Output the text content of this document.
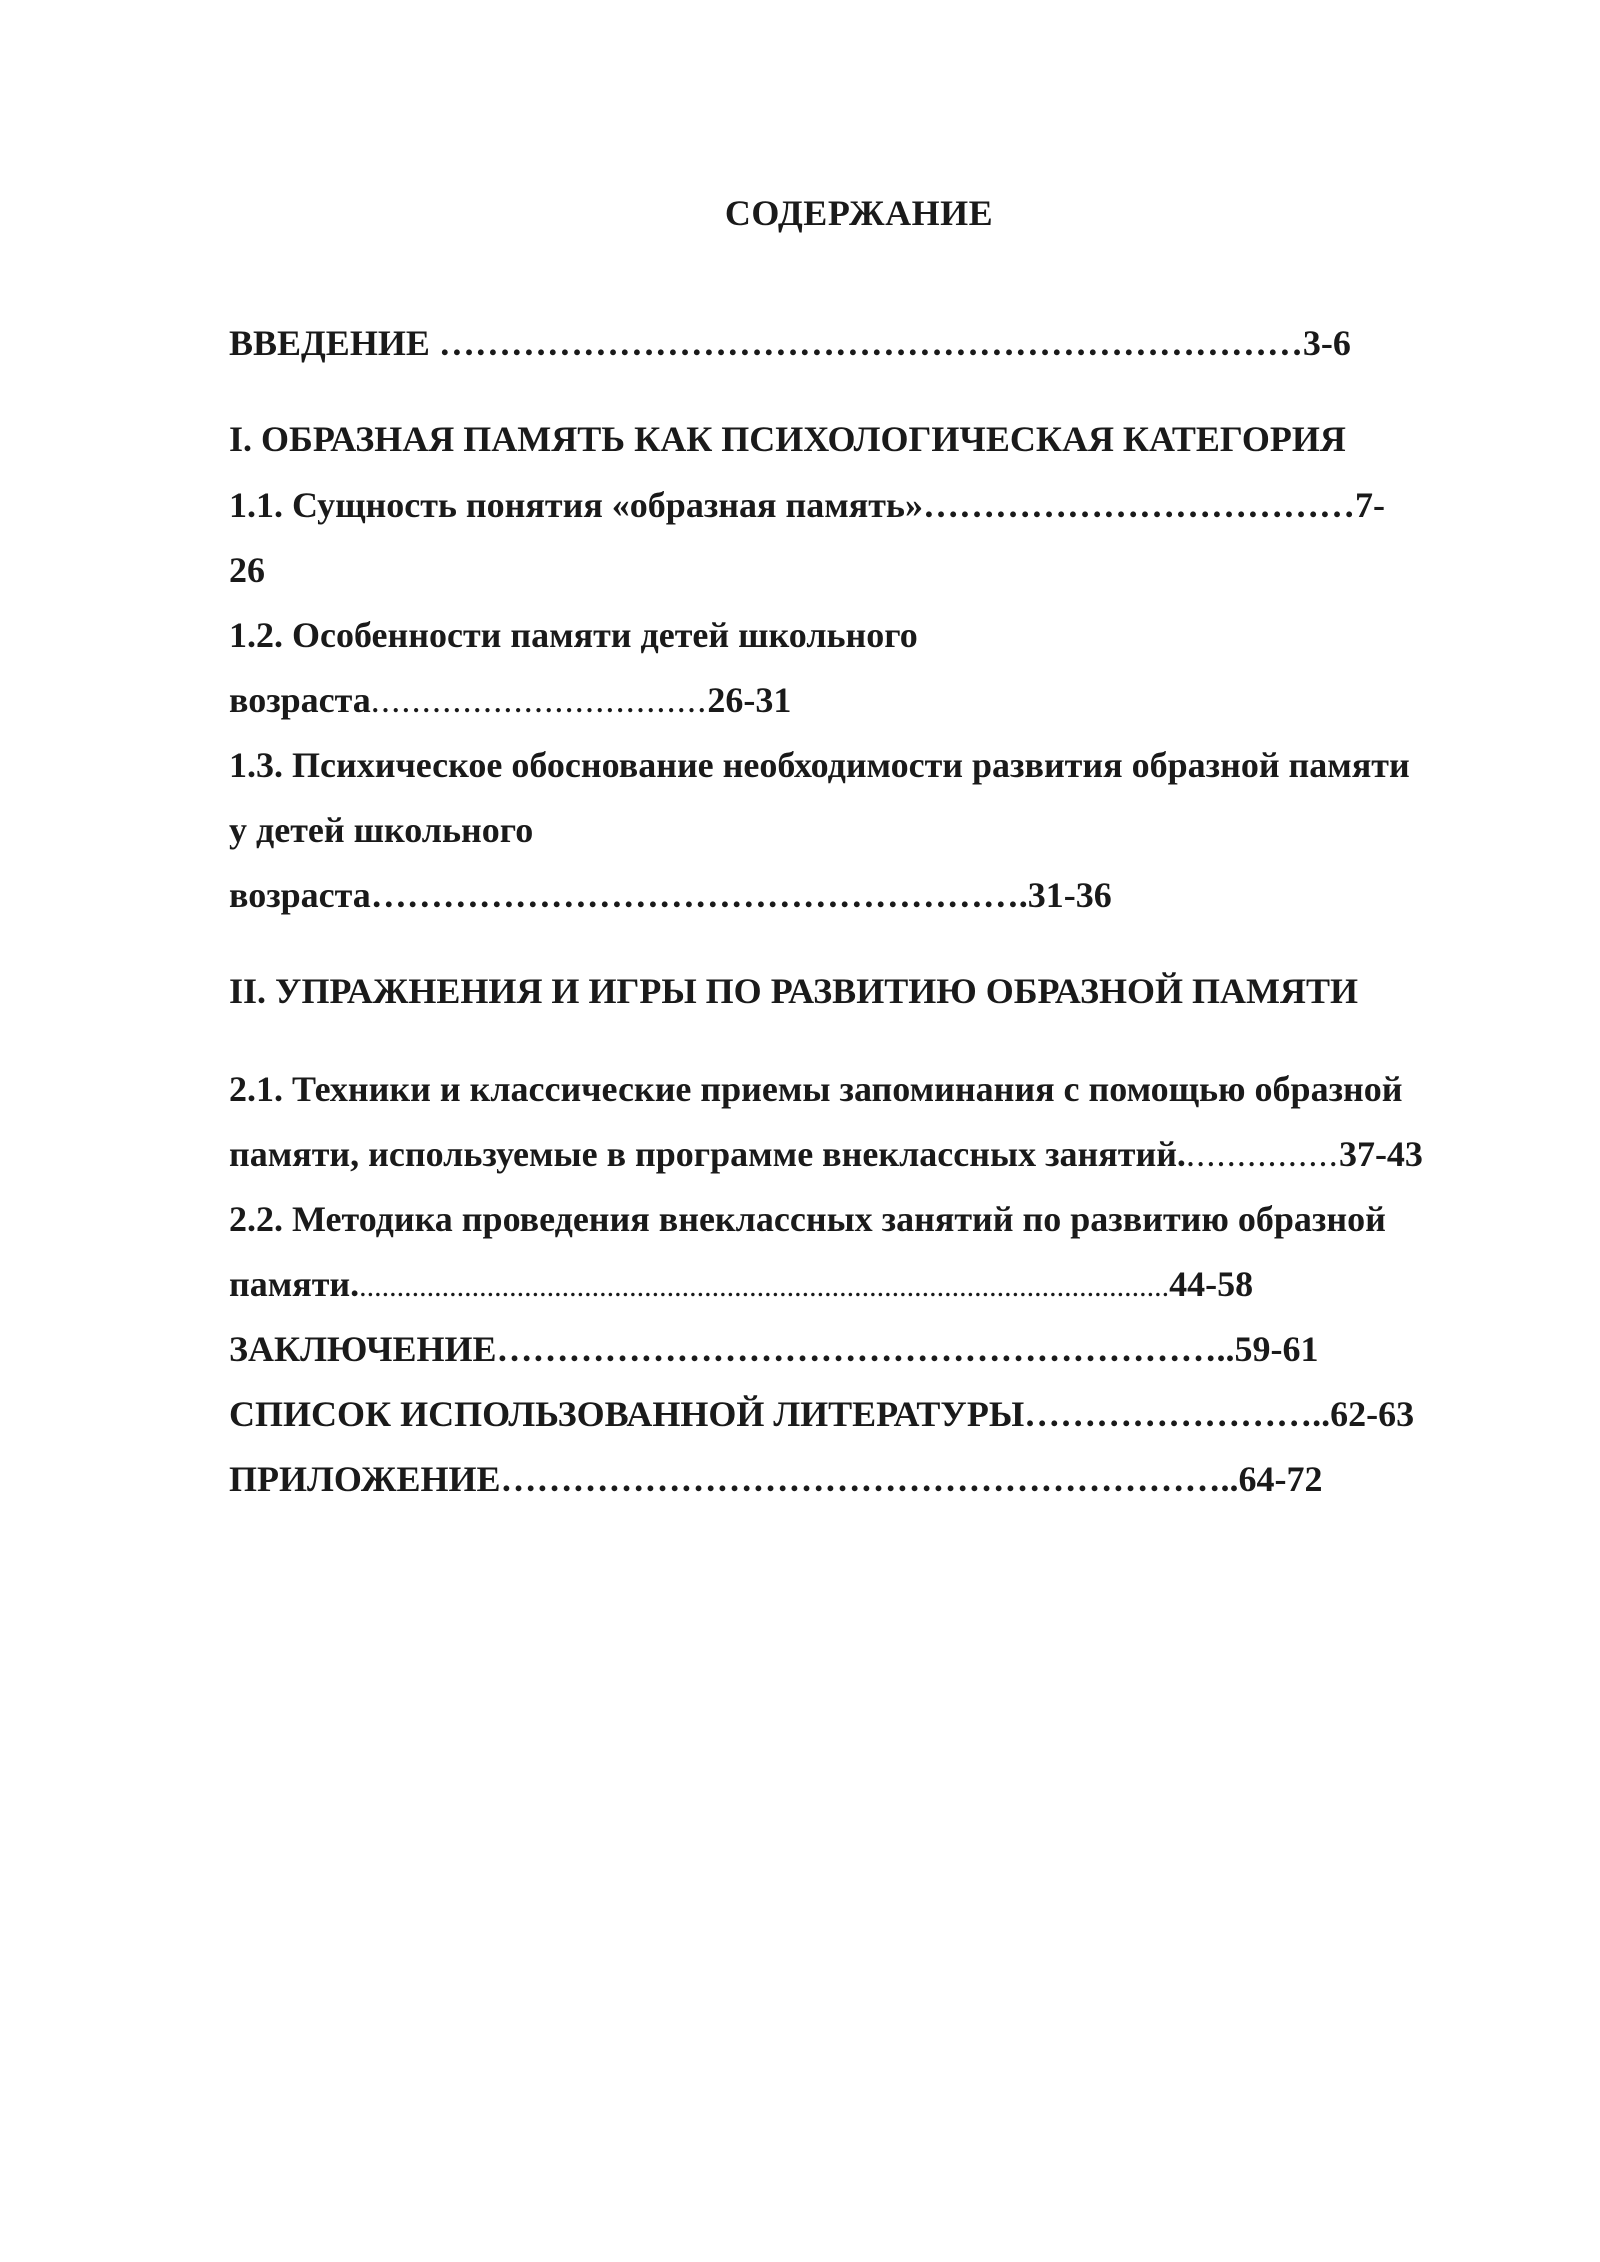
СОДЕРЖАНИЕ
ВВЕДЕНИЕ ………………………………………………………………3-6
I. ОБРАЗНАЯ ПАМЯТЬ КАК ПСИХОЛОГИЧЕСКАЯ КАТЕГОРИЯ
1.1. Сущность понятия «образная память»………………………………7-
26
1.2. Особенности памяти детей школьного
возраста.................................26-31
1.3. Психическое обоснование необходимости развития образной памяти
у детей школьного
возраста……………………………………………….31-36
II. УПРАЖНЕНИЯ И ИГРЫ ПО РАЗВИТИЮ ОБРАЗНОЙ ПАМЯТИ
2.1. Техники и классические приемы запоминания с помощью образной
памяти, используемые в программе внеклассных занятий................37-43
2.2. Методика проведения внеклассных занятий по развитию образной
памяти.............................................................................................................44-58
ЗАКЛЮЧЕНИЕ……………………………………………………..59-61
СПИСОК ИСПОЛЬЗОВАННОЙ ЛИТЕРАТУРЫ……………………..62-63
ПРИЛОЖЕНИЕ……………………………………………………..64-72
